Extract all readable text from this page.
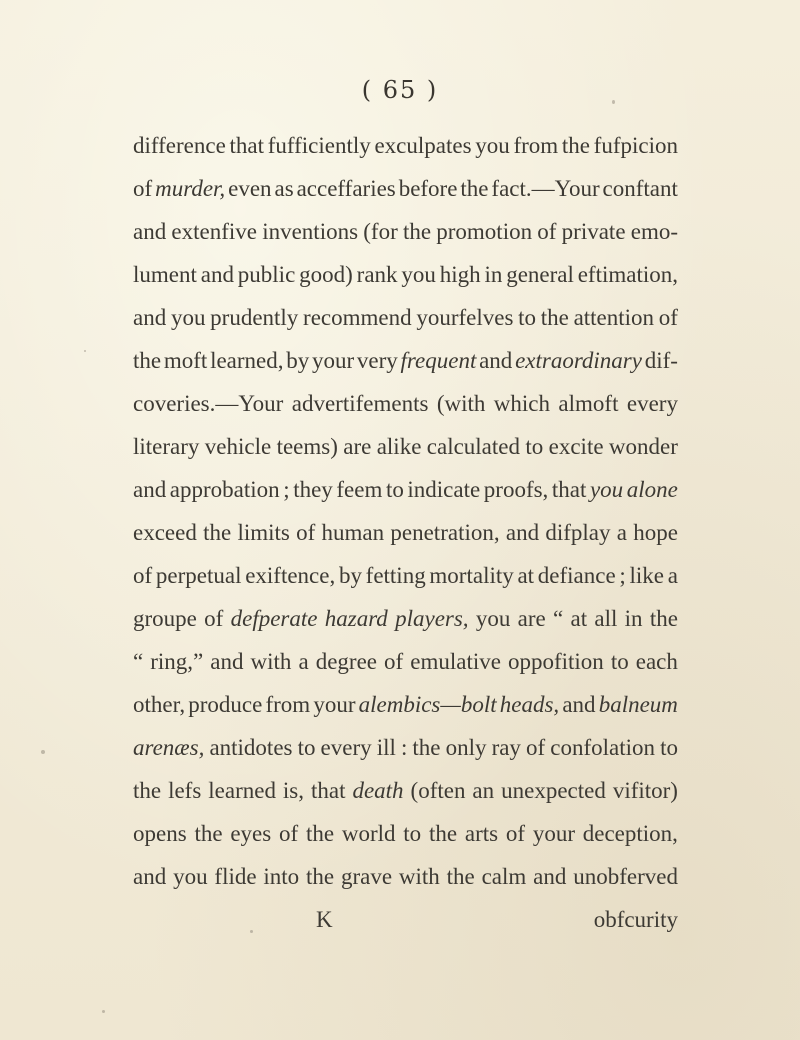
( 65 )
difference that fufficiently exculpates you from the fufpicion
of murder, even as acceffaries before the fact.—Your conftant
and extenfive inventions (for the promotion of private emo-
lument and public good) rank you high in general eftimation,
and you prudently recommend yourfelves to the attention of
the moft learned, by your very frequent and extraordinary dif-
coveries.—Your advertifements (with which almoft every
literary vehicle teems) are alike calculated to excite wonder
and approbation ; they feem to indicate proofs, that you alone
exceed the limits of human penetration, and difplay a hope
of perpetual exiftence, by fetting mortality at defiance ; like a
groupe of defperate hazard players, you are “ at all in the
“ ring,” and with a degree of emulative oppofition to each
other, produce from your alembics—bolt heads, and balneum
arenæs, antidotes to every ill : the only ray of confolation to
the lefs learned is, that death (often an unexpected vifitor)
opens the eyes of the world to the arts of your deception,
and you flide into the grave with the calm and unobferved
K	obfcurity
